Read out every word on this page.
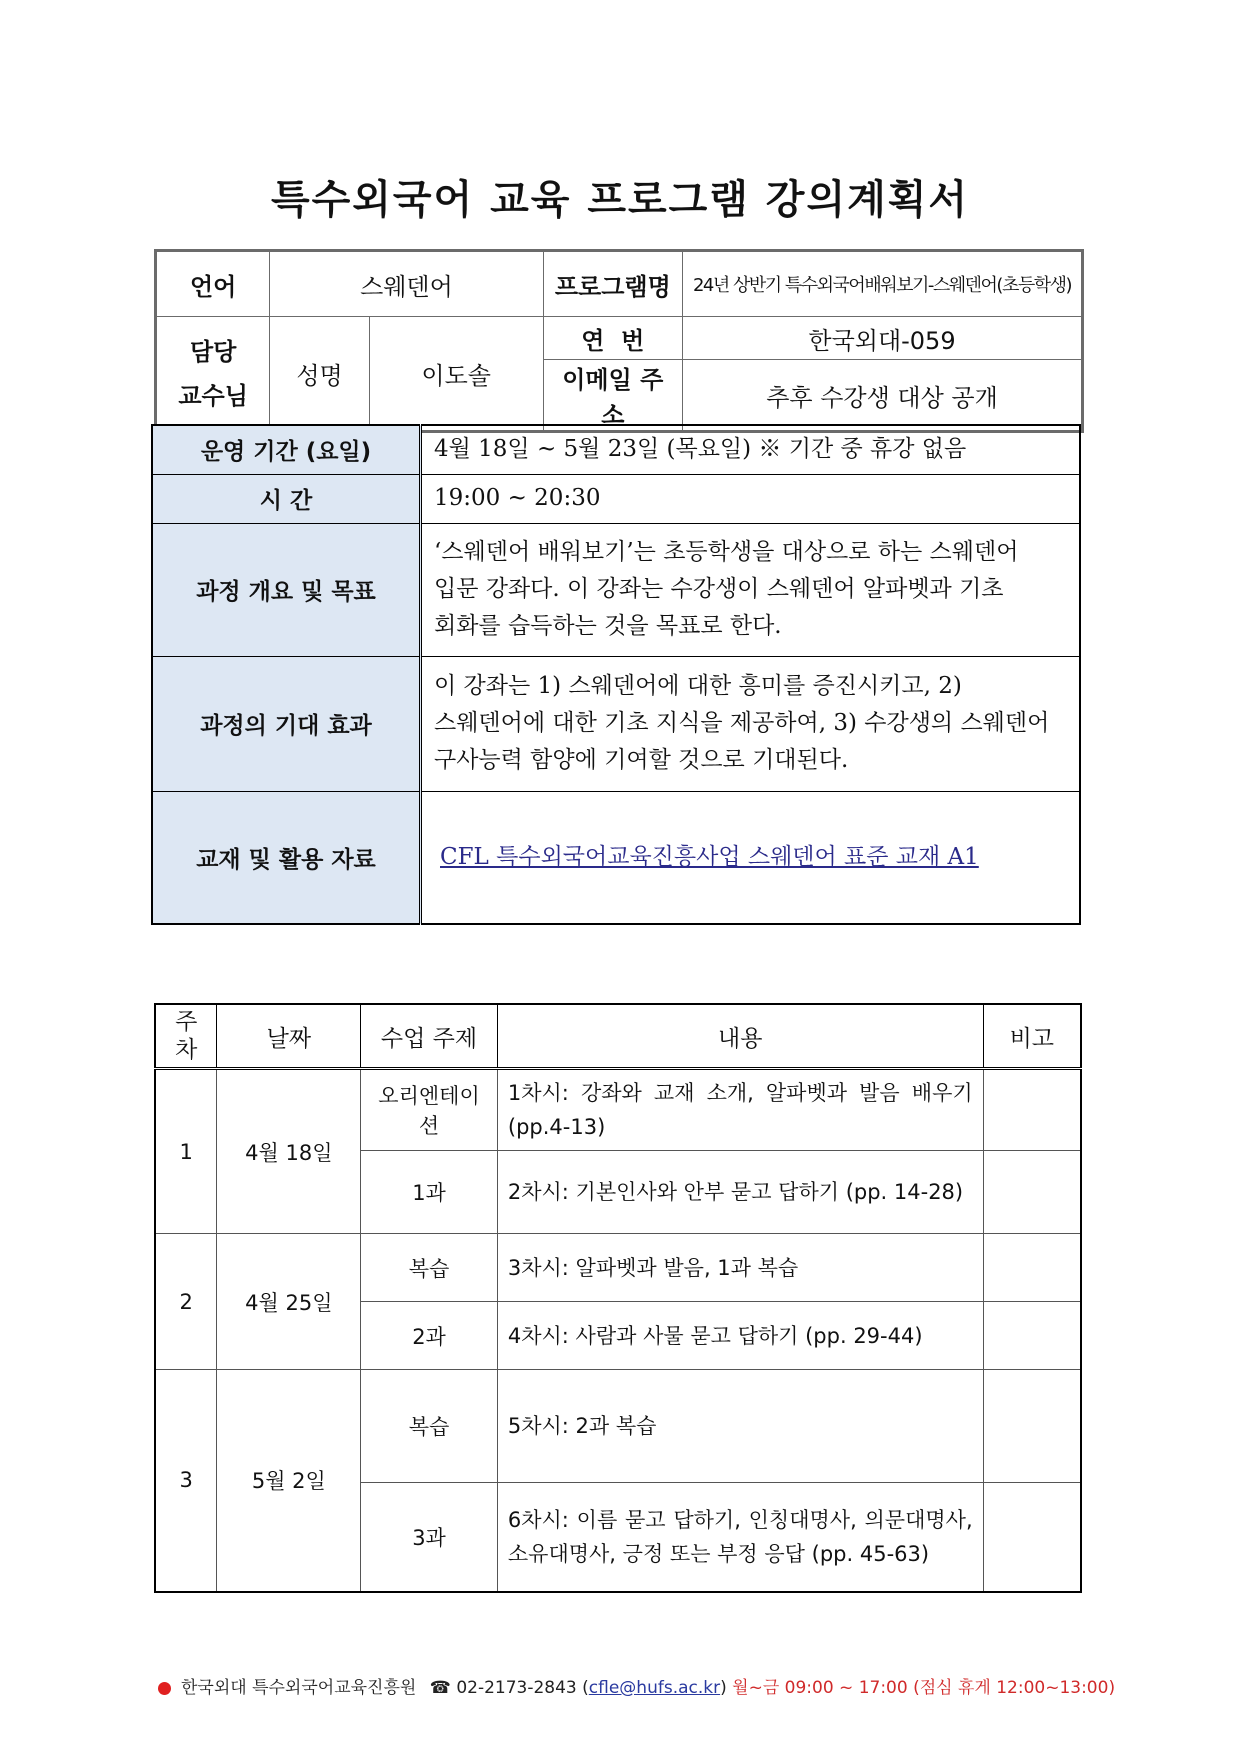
특수외국어 교육 프로그램 강의계획서
언어	스웨덴어		프로그램명	24년 상반기 특수외국어배워보기-스웨덴어(초등학생)
담당
교수님	성명	이도솔	연  번	한국외대-059
			이메일 주소	추후 수강생 대상 공개
운영 기간 (요일)	4월 18일 ~ 5월 23일 (목요일) ※ 기간 중 휴강 없음
시 간	19:00 ~ 20:30
과정 개요 및 목표	‘스웨덴어 배워보기’는 초등학생을 대상으로 하는 스웨덴어
입문 강좌다. 이 강좌는 수강생이 스웨덴어 알파벳과 기초
회화를 습득하는 것을 목표로 한다.
과정의 기대 효과	이 강좌는 1) 스웨덴어에 대한 흥미를 증진시키고, 2)
스웨덴어에 대한 기초 지식을 제공하여, 3) 수강생의 스웨덴어
구사능력 함양에 기여할 것으로 기대된다.
교재 및 활용 자료	CFL 특수외국어교육진흥사업 스웨덴어 표준 교재 A1
주차	날짜	수업 주제	내용	비고
1	4월 18일	오리엔테이션	1차시: 강좌와 교재 소개, 알파벳과 발음 배우기 (pp.4-13)	
		1과	2차시: 기본인사와 안부 묻고 답하기 (pp. 14-28)	
2	4월 25일	복습	3차시: 알파벳과 발음, 1과 복습	
		2과	4차시: 사람과 사물 묻고 답하기 (pp. 29-44)	
3	5월 2일	복습	5차시: 2과 복습	
		3과	6차시: 이름 묻고 답하기, 인칭대명사, 의문대명사, 소유대명사, 긍정 또는 부정 응답 (pp. 45-63)	
한국외대 특수외국어교육진흥원 ☎ 02-2173-2843 (cfle@hufs.ac.kr) 월~금 09:00 ~ 17:00 (점심 휴게 12:00~13:00)
